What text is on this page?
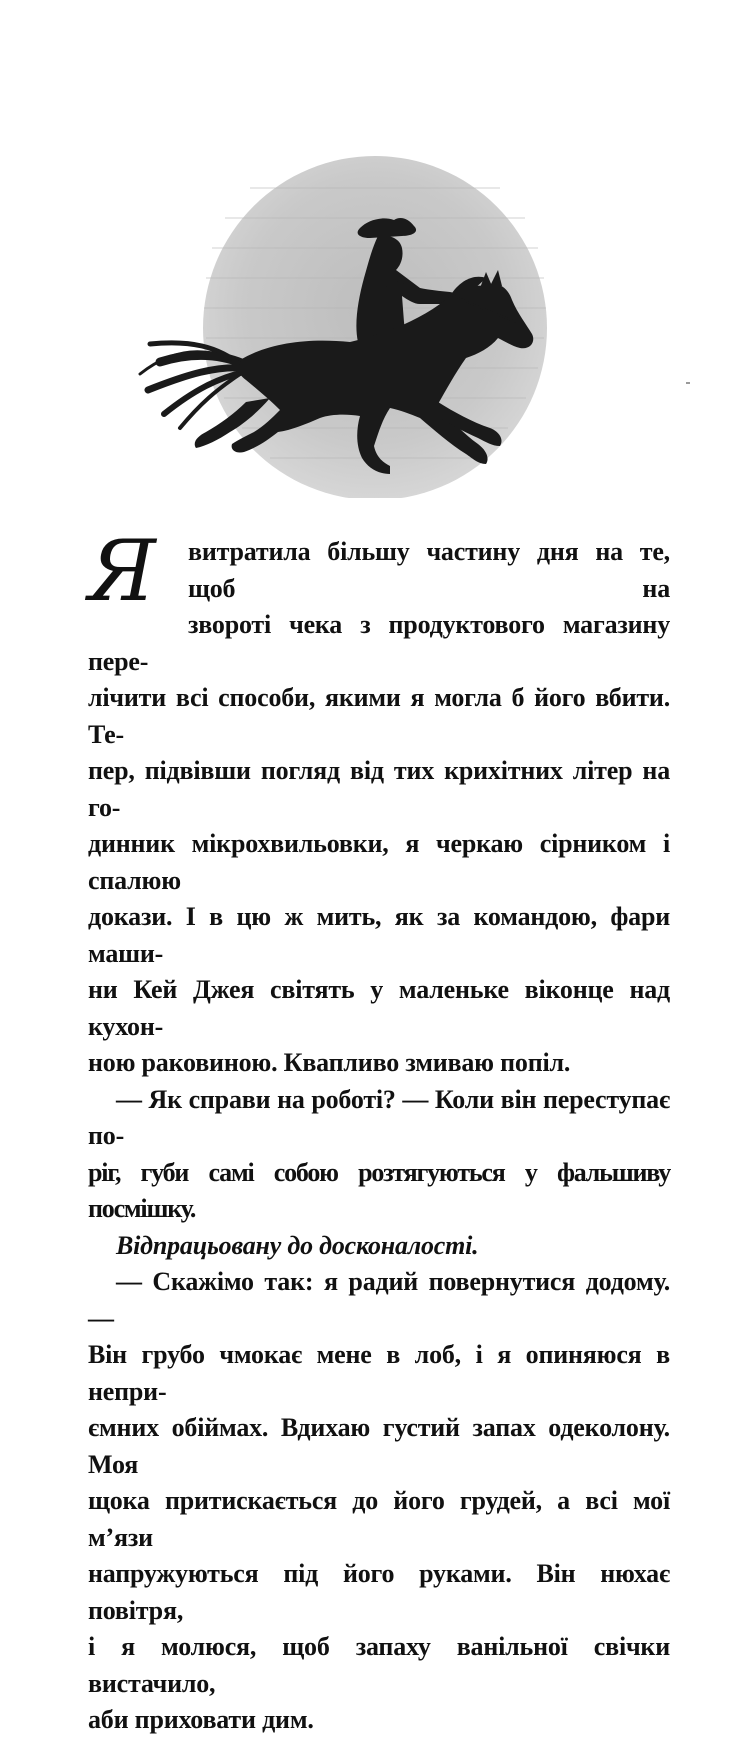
Я	витратила більшу частину дня на те, щоб на
звороті чека з продуктового магазину пере-
лічити всі способи, якими я могла б його вбити. Те-
пер, підвівши погляд від тих крихітних літер на го-
динник мікрохвильовки, я черкаю сірником і спалюю
докази. І в цю ж мить, як за командою, фари маши-
ни Кей Джея світять у маленьке віконце над кухон-
ною раковиною. Квапливо змиваю попіл.

— Як справи на роботі? — Коли він переступає по-
ріг, губи самі собою розтягуються у фальшиву посмішку.

Відпрацьовану до досконалості.

— Скажімо так: я радий повернутися додому. —
Він грубо чмокає мене в лоб, і я опиняюся в непри-
ємних обіймах. Вдихаю густий запах одеколону. Моя
щока притискається до його грудей, а всі мої м’язи
напружуються під його руками. Він нюхає повітря,
і я молюся, щоб запаху ванільної свічки вистачило,
аби приховати дим.
